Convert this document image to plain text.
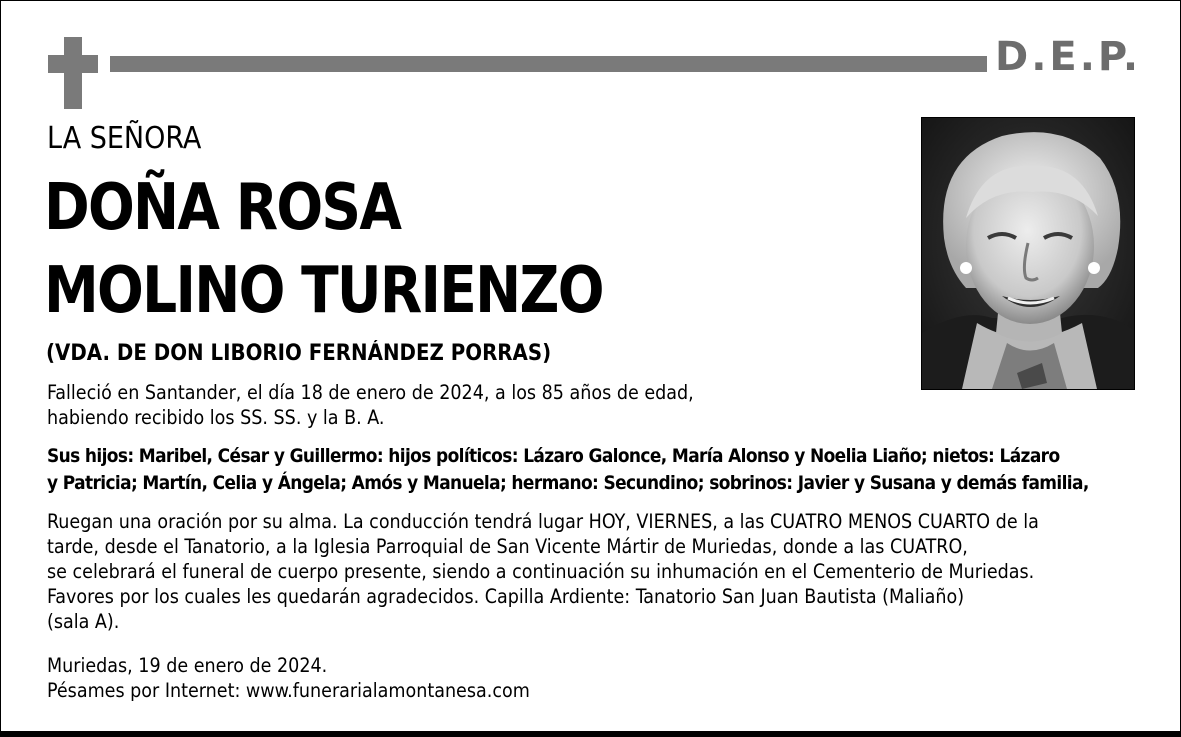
D.E.P.
LA SEÑORA
DOÑA ROSA
MOLINO TURIENZO
(VDA. DE DON LIBORIO FERNÁNDEZ PORRAS)
Falleció en Santander, el día 18 de enero de 2024, a los 85 años de edad,
habiendo recibido los SS. SS. y la B. A.
Sus hijos: Maribel, César y Guillermo: hijos políticos: Lázaro Galonce, María Alonso y Noelia Liaño; nietos: Lázaro
y Patricia; Martín, Celia y Ángela; Amós y Manuela; hermano: Secundino; sobrinos: Javier y Susana y demás familia,
Ruegan una oración por su alma. La conducción tendrá lugar HOY, VIERNES, a las CUATRO MENOS CUARTO de la
tarde, desde el Tanatorio, a la Iglesia Parroquial de San Vicente Mártir de Muriedas, donde a las CUATRO,
se celebrará el funeral de cuerpo presente, siendo a continuación su inhumación en el Cementerio de Muriedas.
Favores por los cuales les quedarán agradecidos. Capilla Ardiente: Tanatorio San Juan Bautista (Maliaño)
(sala A).
Muriedas, 19 de enero de 2024.
Pésames por Internet: www.funerarialamontanesa.com
